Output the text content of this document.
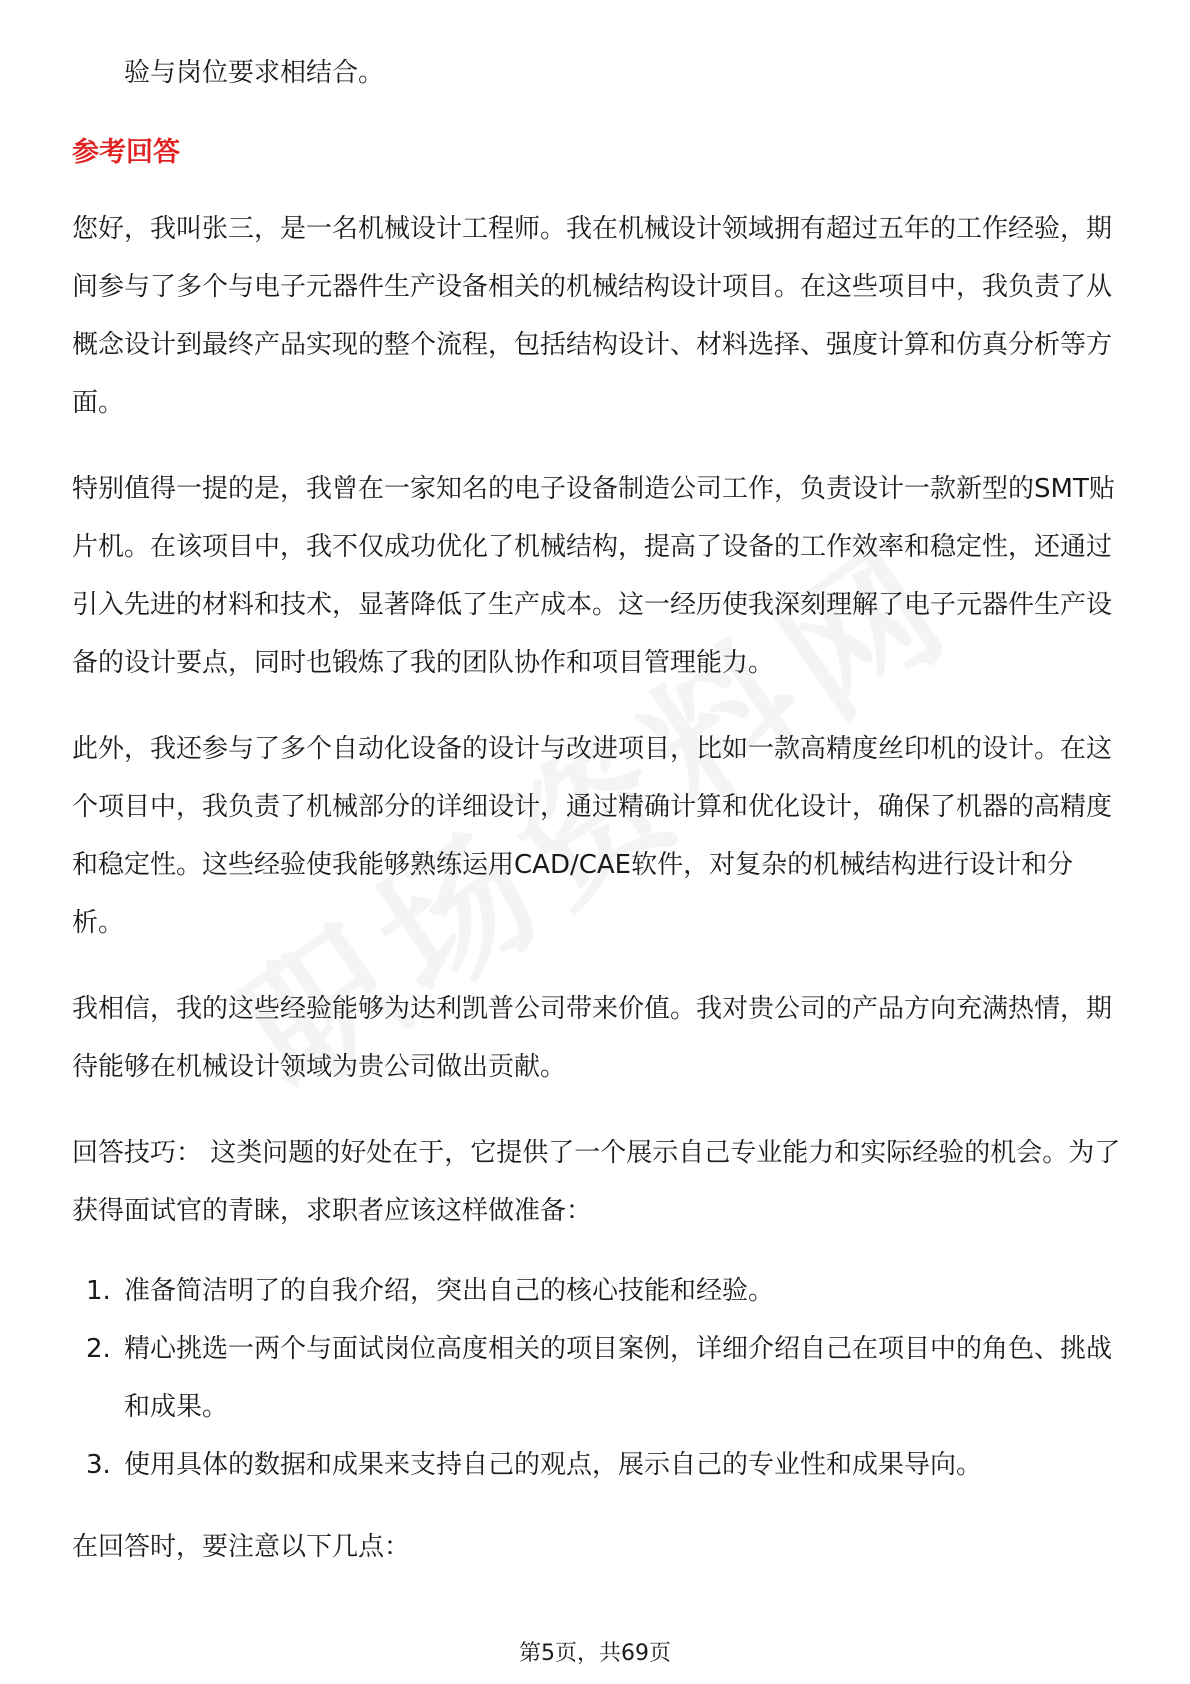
验与岗位要求相结合。

参考回答

您好，我叫张三，是一名机械设计工程师。我在机械设计领域拥有超过五年的工作经验，期间参与了多个与电子元器件生产设备相关的机械结构设计项目。在这些项目中，我负责了从概念设计到最终产品实现的整个流程，包括结构设计、材料选择、强度计算和仿真分析等方面。

特别值得一提的是，我曾在一家知名的电子设备制造公司工作，负责设计一款新型的SMT贴片机。在该项目中，我不仅成功优化了机械结构，提高了设备的工作效率和稳定性，还通过引入先进的材料和技术，显著降低了生产成本。这一经历使我深刻理解了电子元器件生产设备的设计要点，同时也锻炼了我的团队协作和项目管理能力。

此外，我还参与了多个自动化设备的设计与改进项目，比如一款高精度丝印机的设计。在这个项目中，我负责了机械部分的详细设计，通过精确计算和优化设计，确保了机器的高精度和稳定性。这些经验使我能够熟练运用CAD/CAE软件，对复杂的机械结构进行设计和分析。

我相信，我的这些经验能够为达利凯普公司带来价值。我对贵公司的产品方向充满热情，期待能够在机械设计领域为贵公司做出贡献。

回答技巧： 这类问题的好处在于，它提供了一个展示自己专业能力和实际经验的机会。为了获得面试官的青睐，求职者应该这样做准备：

1. 准备简洁明了的自我介绍，突出自己的核心技能和经验。
2. 精心挑选一两个与面试岗位高度相关的项目案例，详细介绍自己在项目中的角色、挑战和成果。
3. 使用具体的数据和成果来支持自己的观点，展示自己的专业性和成果导向。

在回答时，要注意以下几点：

第5页，共69页
